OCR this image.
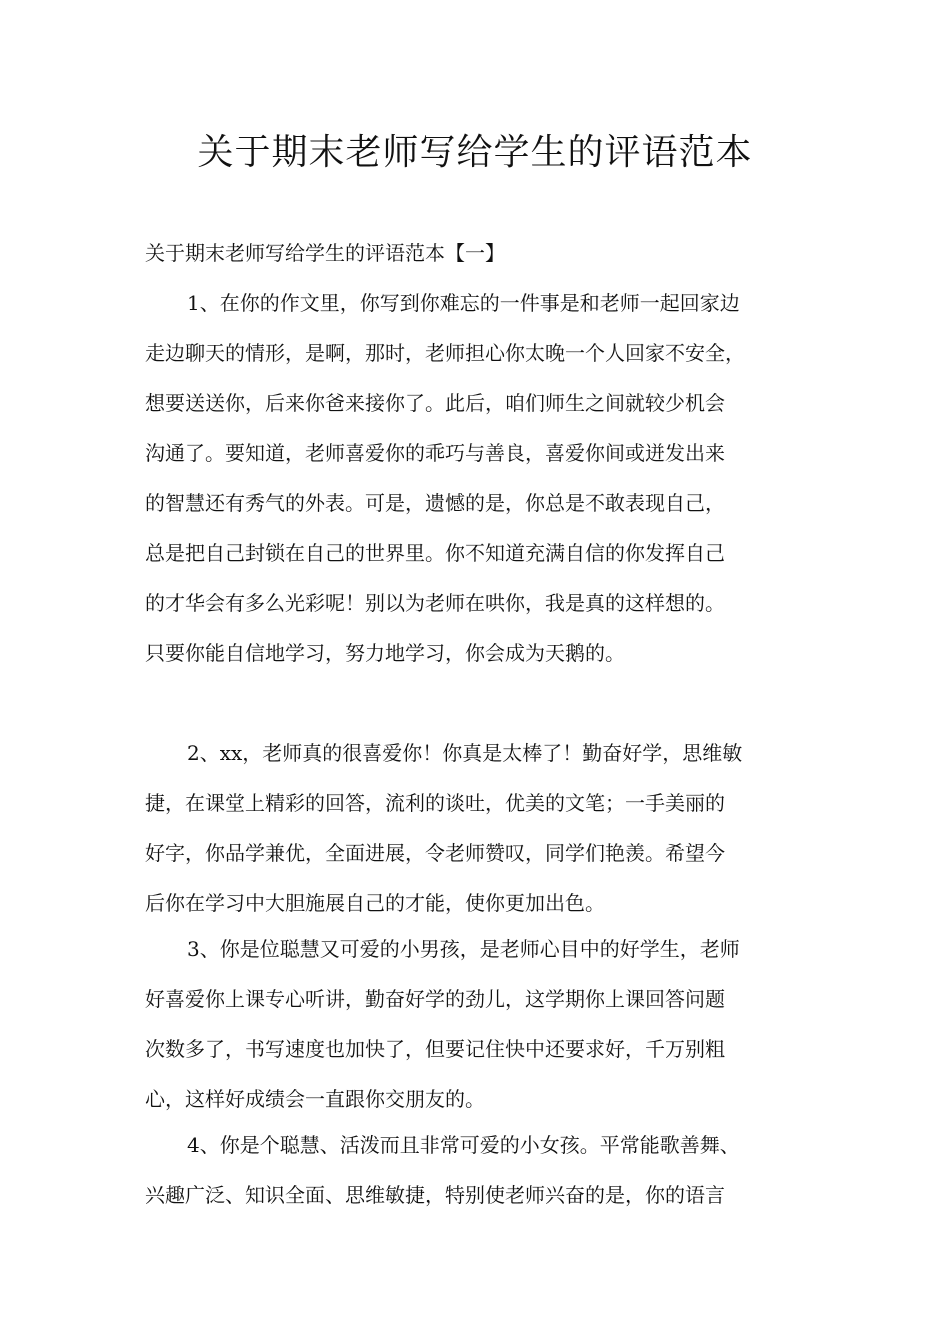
关于期末老师写给学生的评语范本
关于期末老师写给学生的评语范本【一】
1、在你的作文里，你写到你难忘的一件事是和老师一起回家边
走边聊天的情形，是啊，那时，老师担心你太晚一个人回家不安全，
想要送送你，后来你爸来接你了。此后，咱们师生之间就较少机会
沟通了。要知道，老师喜爱你的乖巧与善良，喜爱你间或迸发出来
的智慧还有秀气的外表。可是，遗憾的是，你总是不敢表现自己，
总是把自己封锁在自己的世界里。你不知道充满自信的你发挥自己
的才华会有多么光彩呢！别以为老师在哄你，我是真的这样想的。
只要你能自信地学习，努力地学习，你会成为天鹅的。
2、xx，老师真的很喜爱你！你真是太棒了！勤奋好学，思维敏
捷，在课堂上精彩的回答，流利的谈吐，优美的文笔；一手美丽的
好字，你品学兼优，全面进展，令老师赞叹，同学们艳羡。希望今
后你在学习中大胆施展自己的才能，使你更加出色。
3、你是位聪慧又可爱的小男孩，是老师心目中的好学生，老师
好喜爱你上课专心听讲，勤奋好学的劲儿，这学期你上课回答问题
次数多了，书写速度也加快了，但要记住快中还要求好，千万别粗
心，这样好成绩会一直跟你交朋友的。
4、你是个聪慧、活泼而且非常可爱的小女孩。平常能歌善舞、
兴趣广泛、知识全面、思维敏捷，特别使老师兴奋的是，你的语言
